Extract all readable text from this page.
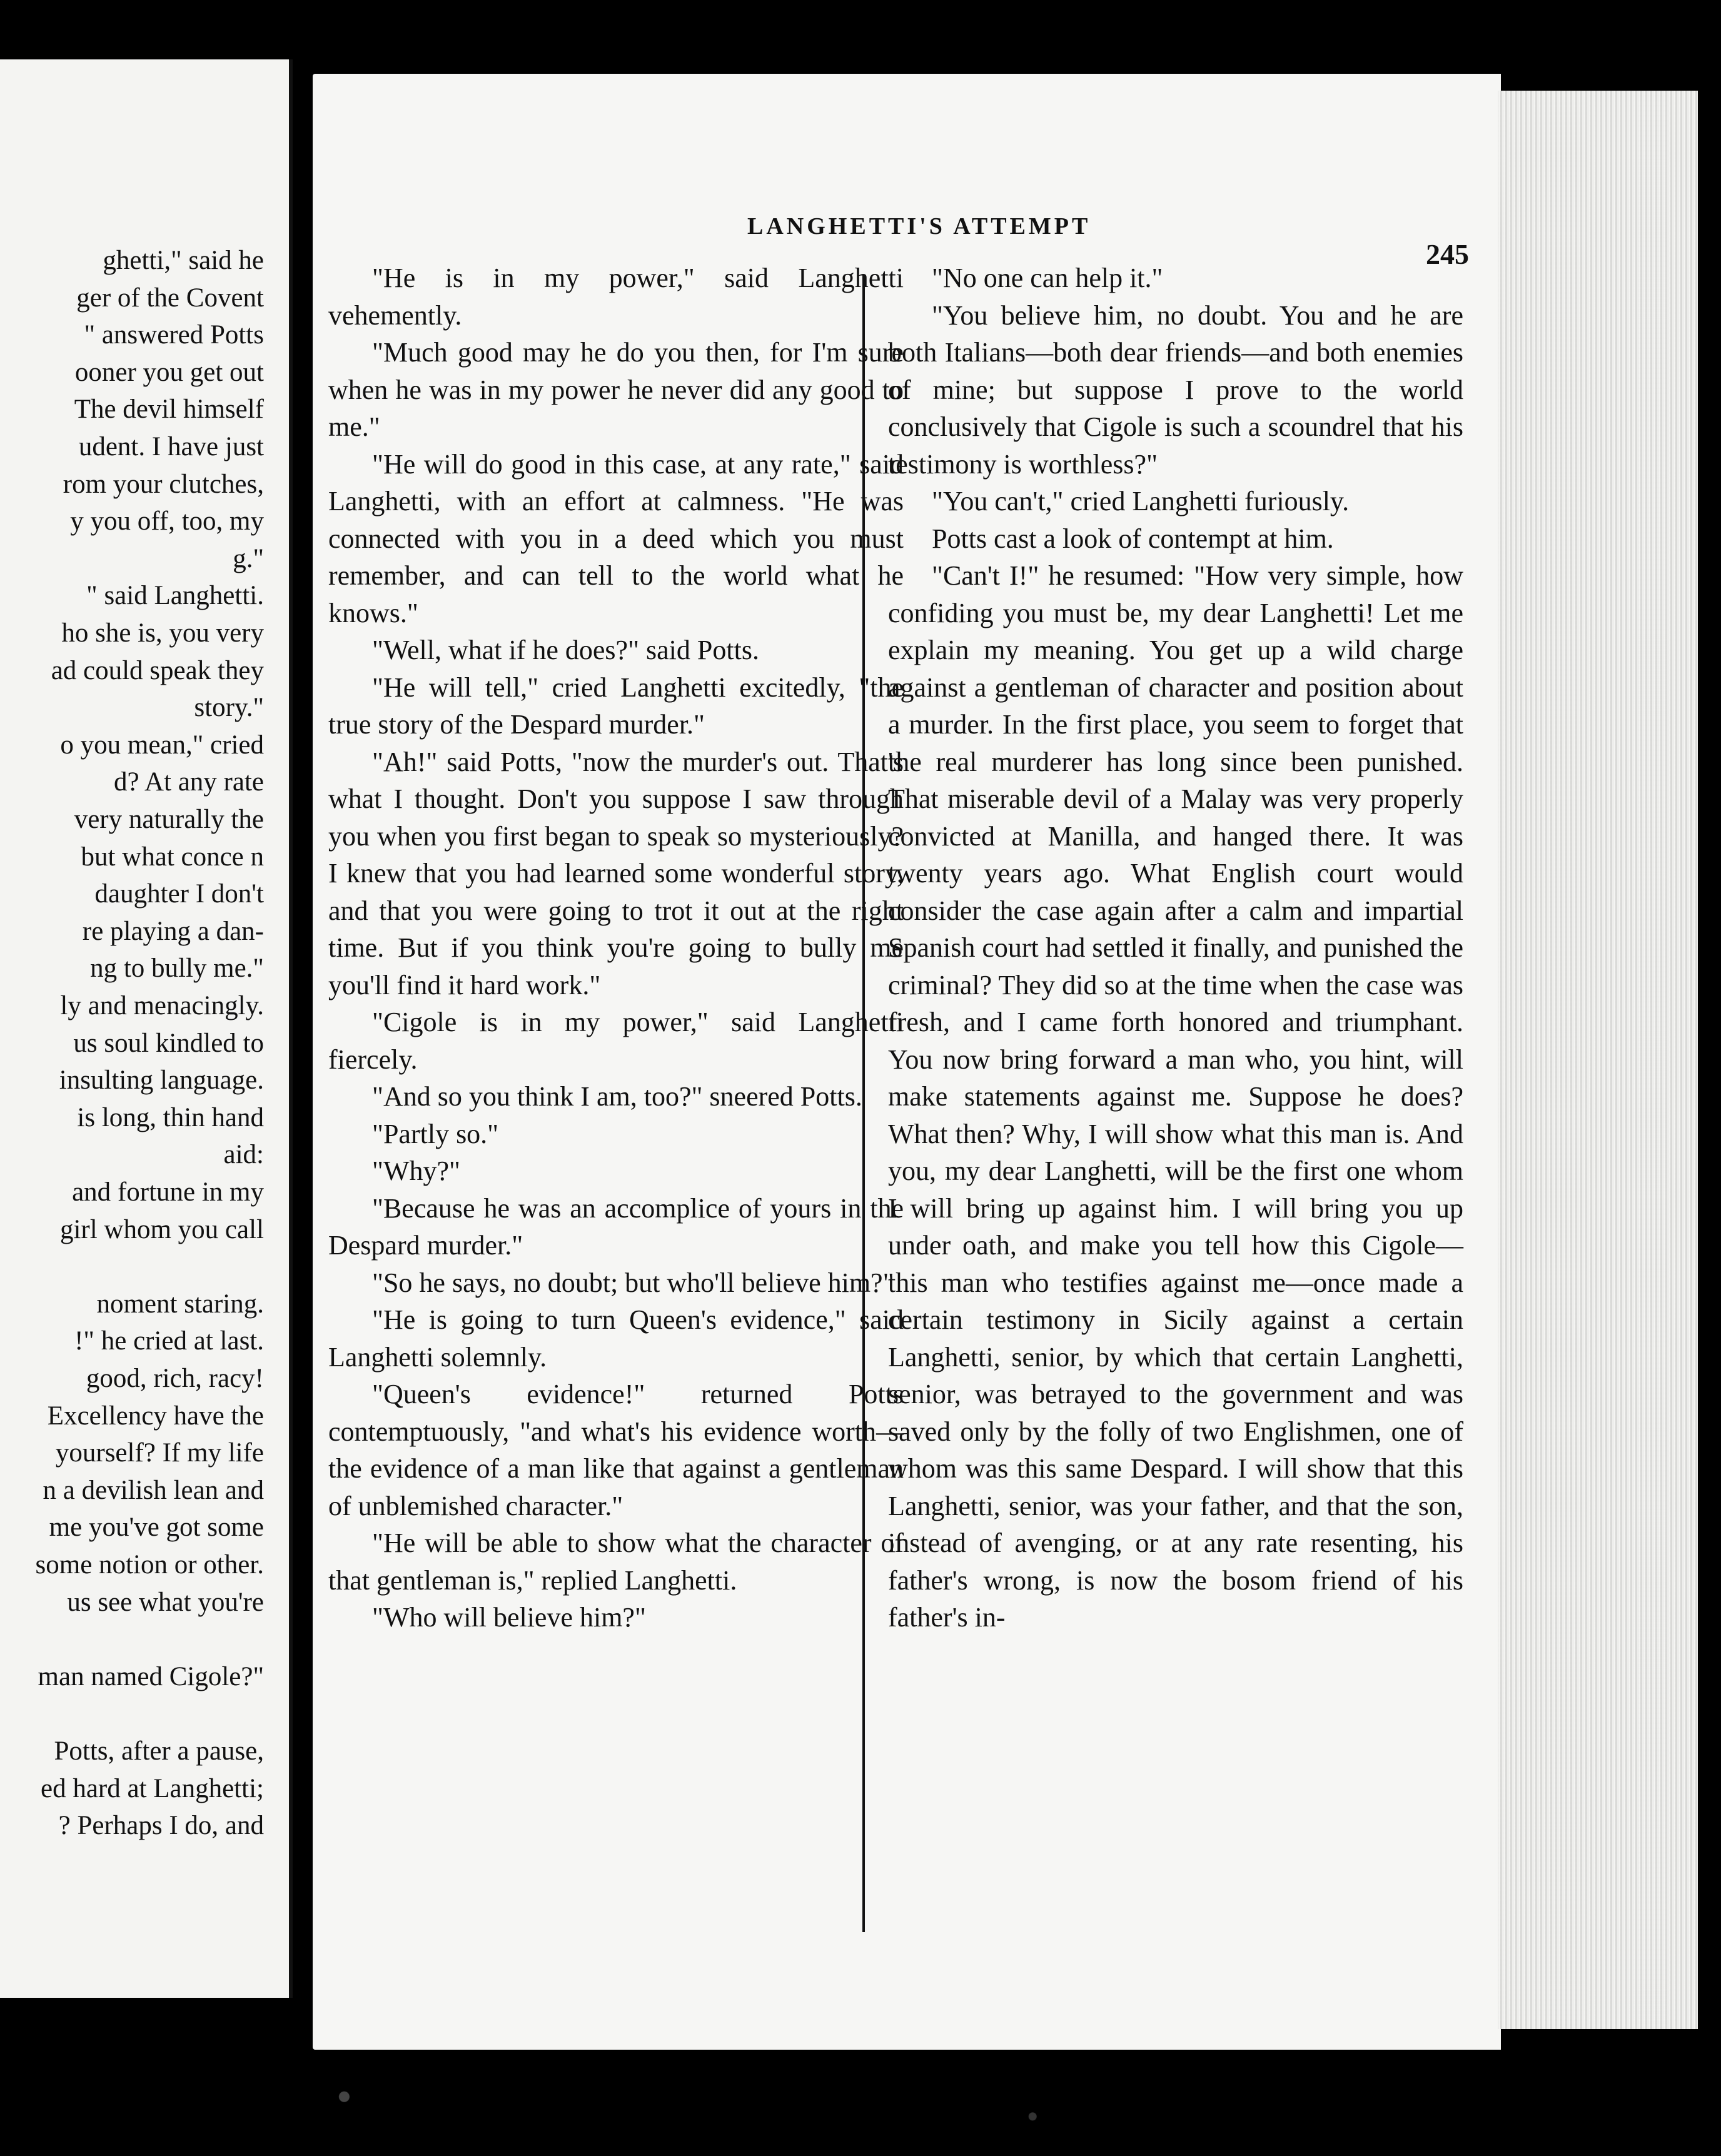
ghetti," said he
ger of the Covent
" answered Potts
ooner you get out
The devil himself
udent. I have just
rom your clutches,
y you off, too, my
g."
" said Langhetti.
ho she is, you very
ad could speak they
story."
o you mean," cried
d? At any rate
very naturally the
but what conce n
daughter I don't
re playing a dan-
ng to bully me."
ly and menacingly.
us soul kindled to
insulting language.
is long, thin hand
aid:
and fortune in my
girl whom you call
noment staring.
!" he cried at last.
good, rich, racy!
Excellency have the
yourself? If my life
n a devilish lean and
me you've got some
some notion or other.
us see what you're
man named Cigole?"
Potts, after a pause,
ed hard at Langhetti;
? Perhaps I do, and
LANGHETTI'S ATTEMPT
245

"He is in my power," said Langhetti vehemently.

"Much good may he do you then, for I'm sure when he was in my power he never did any good to me."

"He will do good in this case, at any rate," said Langhetti, with an effort at calmness. "He was connected with you in a deed which you must remember, and can tell to the world what he knows."

"Well, what if he does?" said Potts.

"He will tell," cried Langhetti excitedly, "the true story of the Despard murder."

"Ah!" said Potts, "now the murder's out. That's what I thought. Don't you suppose I saw through you when you first began to speak so mysteriously? I knew that you had learned some wonderful story, and that you were going to trot it out at the right time. But if you think you're going to bully me you'll find it hard work."

"Cigole is in my power," said Langhetti fiercely.

"And so you think I am, too?" sneered Potts.

"Partly so."

"Why?"

"Because he was an accomplice of yours in the Despard murder."

"So he says, no doubt; but who'll believe him?"

"He is going to turn Queen's evidence," said Langhetti solemnly.

"Queen's evidence!" returned Potts contemptuously, "and what's his evidence worth—the evidence of a man like that against a gentleman of unblemished character."

"He will be able to show what the character of that gentleman is," replied Langhetti.

"Who will believe him?"

"No one can help it."

"You believe him, no doubt. You and he are both Italians—both dear friends—and both enemies of mine; but suppose I prove to the world conclusively that Cigole is such a scoundrel that his testimony is worthless?"

"You can't," cried Langhetti furiously.

Potts cast a look of contempt at him.

"Can't I!" he resumed: "How very simple, how confiding you must be, my dear Langhetti! Let me explain my meaning. You get up a wild charge against a gentleman of character and position about a murder. In the first place, you seem to forget that the real murderer has long since been punished. That miserable devil of a Malay was very properly convicted at Manilla, and hanged there. It was twenty years ago. What English court would consider the case again after a calm and impartial Spanish court had settled it finally, and punished the criminal? They did so at the time when the case was fresh, and I came forth honored and triumphant. You now bring forward a man who, you hint, will make statements against me. Suppose he does? What then? Why, I will show what this man is. And you, my dear Langhetti, will be the first one whom I will bring up against him. I will bring you up under oath, and make you tell how this Cigole—this man who testifies against me—once made a certain testimony in Sicily against a certain Langhetti, senior, by which that certain Langhetti, senior, was betrayed to the government and was saved only by the folly of two Englishmen, one of whom was this same Despard. I will show that this Langhetti, senior, was your father, and that the son, instead of avenging, or at any rate resenting, his father's wrong, is now the bosom friend of his father's in-
